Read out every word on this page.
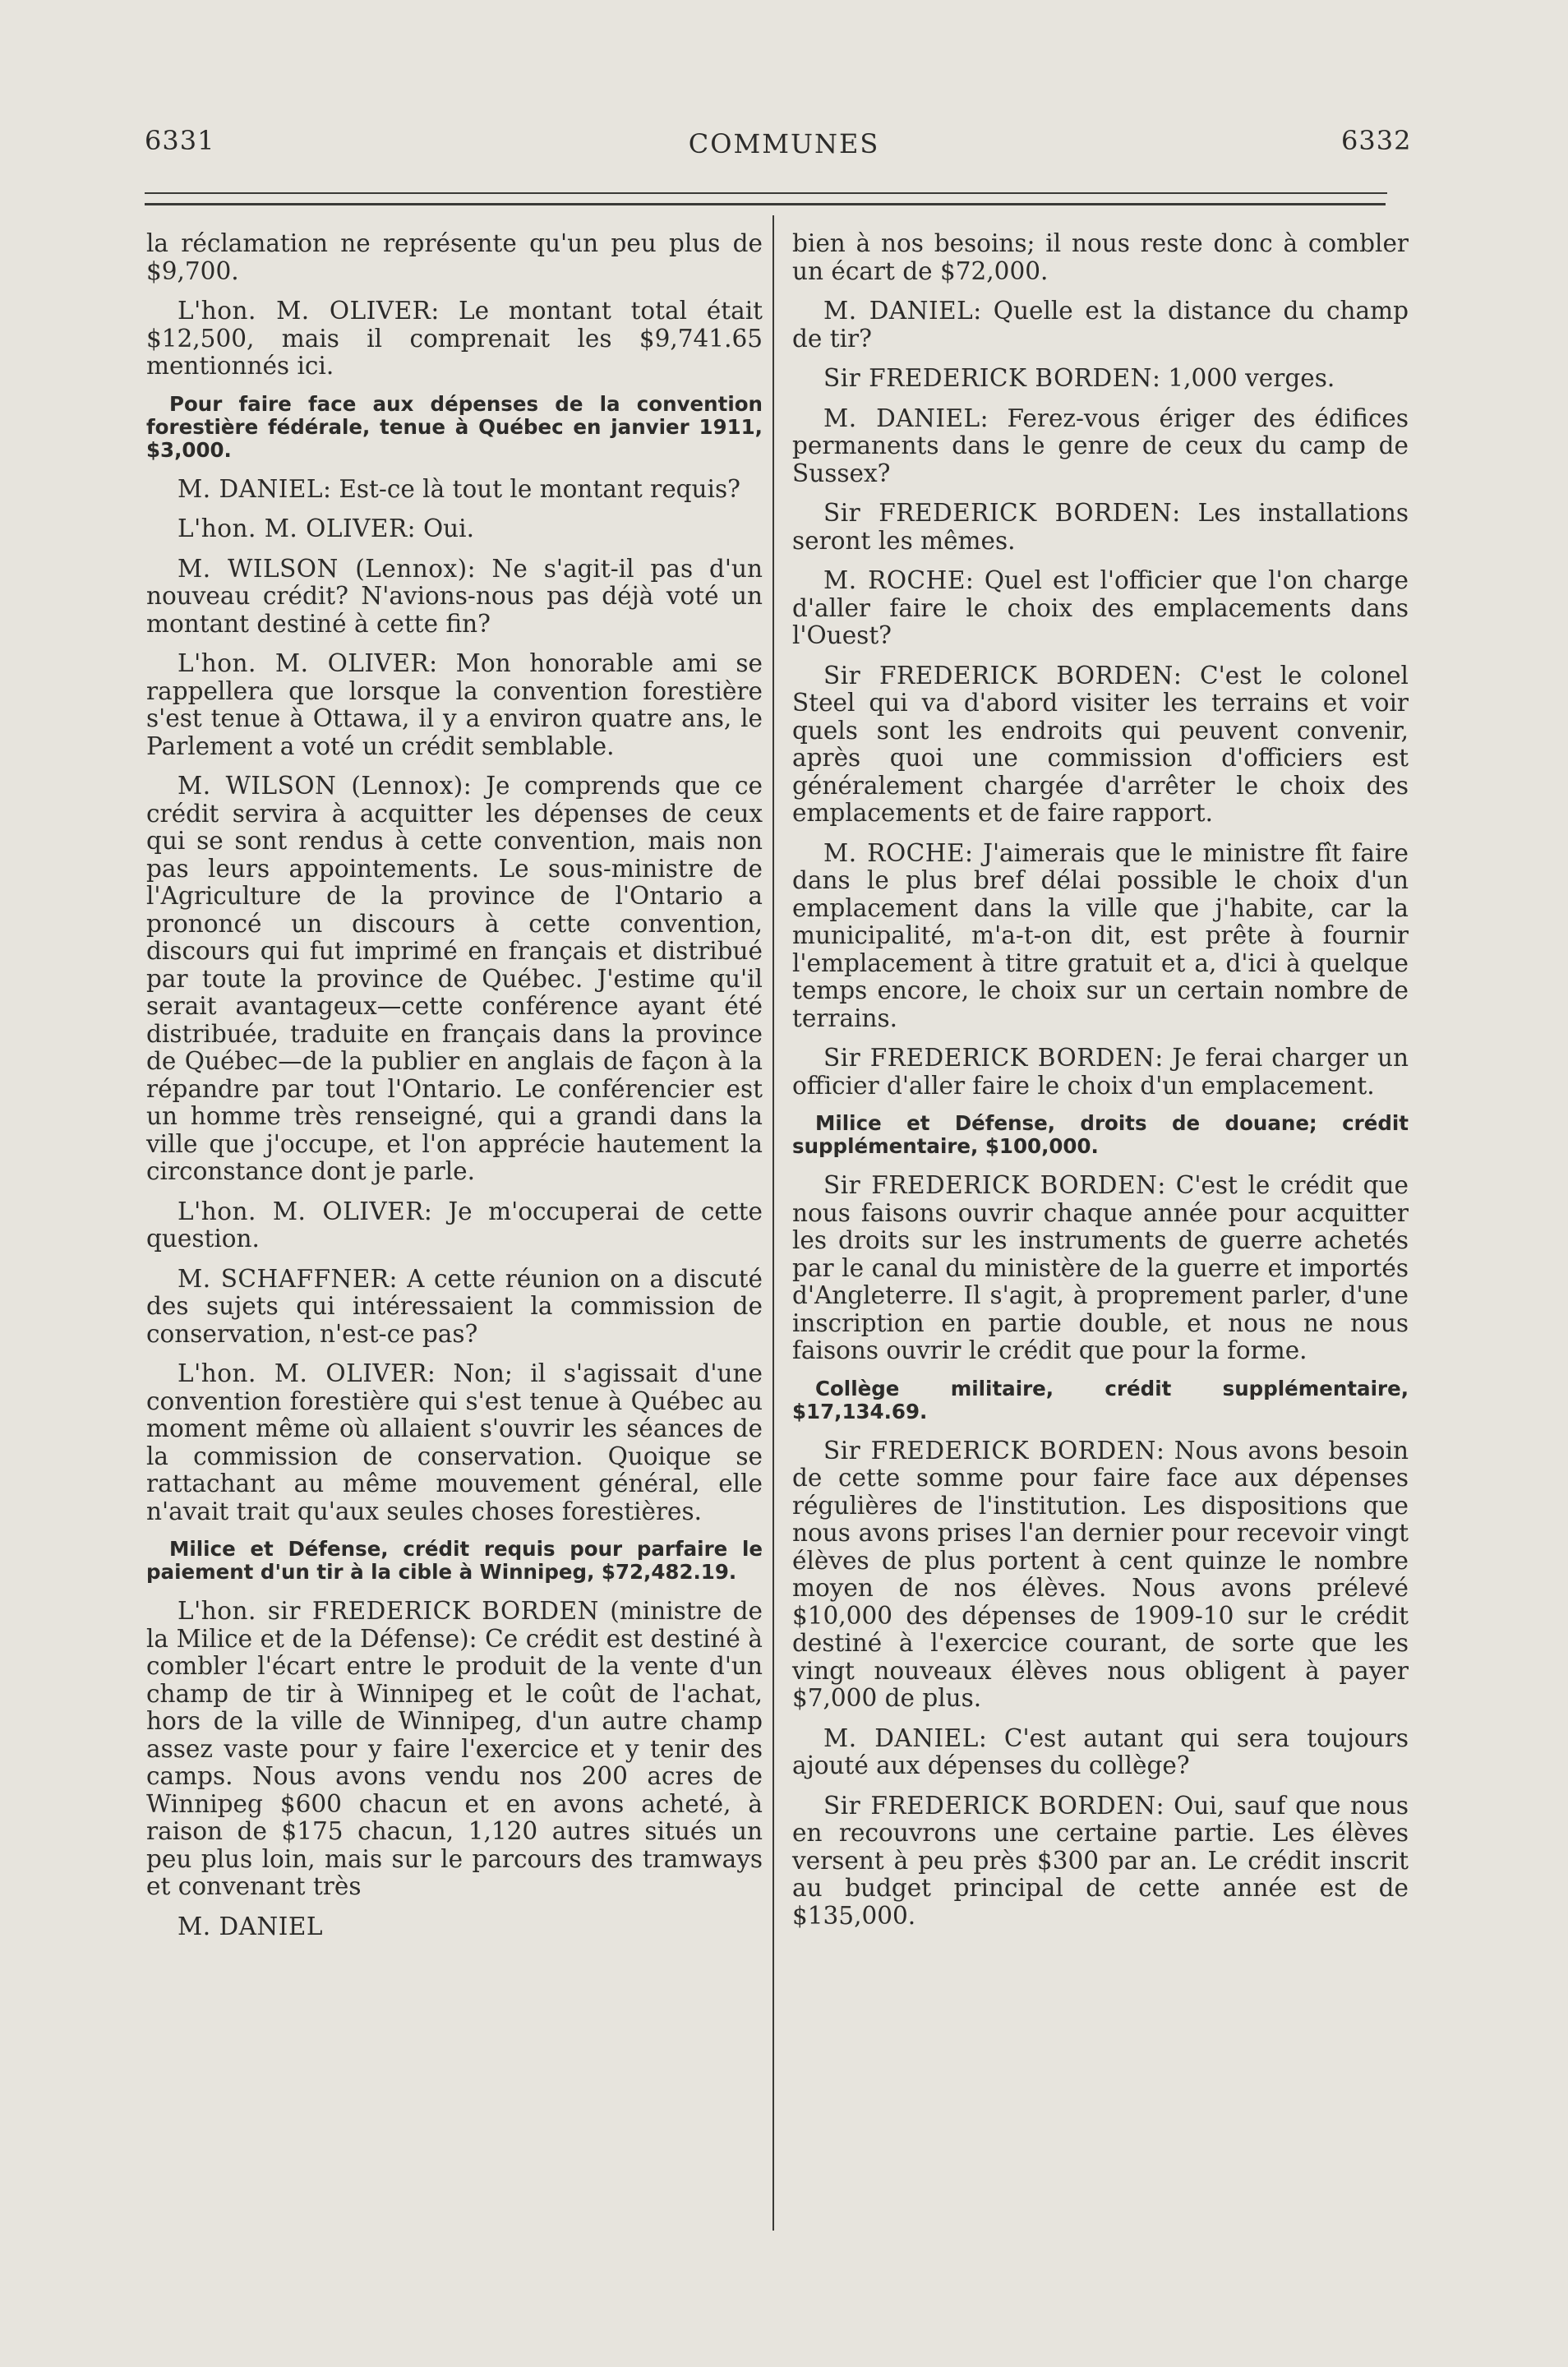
6331	COMMUNES	6332

la réclamation ne représente qu'un peu plus de $9,700.

L'hon. M. OLIVER: Le montant total était $12,500, mais il comprenait les $9,741.65 mentionnés ici.

Pour faire face aux dépenses de la convention forestière fédérale, tenue à Québec en janvier 1911, $3,000.

M. DANIEL: Est-ce là tout le montant requis?

L'hon. M. OLIVER: Oui.

M. WILSON (Lennox): Ne s'agit-il pas d'un nouveau crédit? N'avions-nous pas déjà voté un montant destiné à cette fin?

L'hon. M. OLIVER: Mon honorable ami se rappellera que lorsque la convention forestière s'est tenue à Ottawa, il y a environ quatre ans, le Parlement a voté un crédit semblable.

M. WILSON (Lennox): Je comprends que ce crédit servira à acquitter les dépenses de ceux qui se sont rendus à cette convention, mais non pas leurs appointements. Le sous-ministre de l'Agriculture de la province de l'Ontario a prononcé un discours à cette convention, discours qui fut imprimé en français et distribué par toute la province de Québec. J'estime qu'il serait avantageux—cette conférence ayant été distribuée, traduite en français dans la province de Québec—de la publier en anglais de façon à la répandre par tout l'Ontario. Le conférencier est un homme très renseigné, qui a grandi dans la ville que j'occupe, et l'on apprécie hautement la circonstance dont je parle.

L'hon. M. OLIVER: Je m'occuperai de cette question.

M. SCHAFFNER: A cette réunion on a discuté des sujets qui intéressaient la commission de conservation, n'est-ce pas?

L'hon. M. OLIVER: Non; il s'agissait d'une convention forestière qui s'est tenue à Québec au moment même où allaient s'ouvrir les séances de la commission de conservation. Quoique se rattachant au même mouvement général, elle n'avait trait qu'aux seules choses forestières.

Milice et Défense, crédit requis pour parfaire le paiement d'un tir à la cible à Winnipeg, $72,482.19.

L'hon. sir FREDERICK BORDEN (ministre de la Milice et de la Défense): Ce crédit est destiné à combler l'écart entre le produit de la vente d'un champ de tir à Winnipeg et le coût de l'achat, hors de la ville de Winnipeg, d'un autre champ assez vaste pour y faire l'exercice et y tenir des camps. Nous avons vendu nos 200 acres de Winnipeg $600 chacun et en avons acheté, à raison de $175 chacun, 1,120 autres situés un peu plus loin, mais sur le parcours des tramways et convenant très

M. DANIEL

bien à nos besoins; il nous reste donc à combler un écart de $72,000.

M. DANIEL: Quelle est la distance du champ de tir?

Sir FREDERICK BORDEN: 1,000 verges.

M. DANIEL: Ferez-vous ériger des édifices permanents dans le genre de ceux du camp de Sussex?

Sir FREDERICK BORDEN: Les installations seront les mêmes.

M. ROCHE: Quel est l'officier que l'on charge d'aller faire le choix des emplacements dans l'Ouest?

Sir FREDERICK BORDEN: C'est le colonel Steel qui va d'abord visiter les terrains et voir quels sont les endroits qui peuvent convenir, après quoi une commission d'officiers est généralement chargée d'arrêter le choix des emplacements et de faire rapport.

M. ROCHE: J'aimerais que le ministre fît faire dans le plus bref délai possible le choix d'un emplacement dans la ville que j'habite, car la municipalité, m'a-t-on dit, est prête à fournir l'emplacement à titre gratuit et a, d'ici à quelque temps encore, le choix sur un certain nombre de terrains.

Sir FREDERICK BORDEN: Je ferai charger un officier d'aller faire le choix d'un emplacement.

Milice et Défense, droits de douane; crédit supplémentaire, $100,000.

Sir FREDERICK BORDEN: C'est le crédit que nous faisons ouvrir chaque année pour acquitter les droits sur les instruments de guerre achetés par le canal du ministère de la guerre et importés d'Angleterre. Il s'agit, à proprement parler, d'une inscription en partie double, et nous ne nous faisons ouvrir le crédit que pour la forme.

Collège militaire, crédit supplémentaire, $17,134.69.

Sir FREDERICK BORDEN: Nous avons besoin de cette somme pour faire face aux dépenses régulières de l'institution. Les dispositions que nous avons prises l'an dernier pour recevoir vingt élèves de plus portent à cent quinze le nombre moyen de nos élèves. Nous avons prélevé $10,000 des dépenses de 1909-10 sur le crédit destiné à l'exercice courant, de sorte que les vingt nouveaux élèves nous obligent à payer $7,000 de plus.

M. DANIEL: C'est autant qui sera toujours ajouté aux dépenses du collège?

Sir FREDERICK BORDEN: Oui, sauf que nous en recouvrons une certaine partie. Les élèves versent à peu près $300 par an. Le crédit inscrit au budget principal de cette année est de $135,000.
